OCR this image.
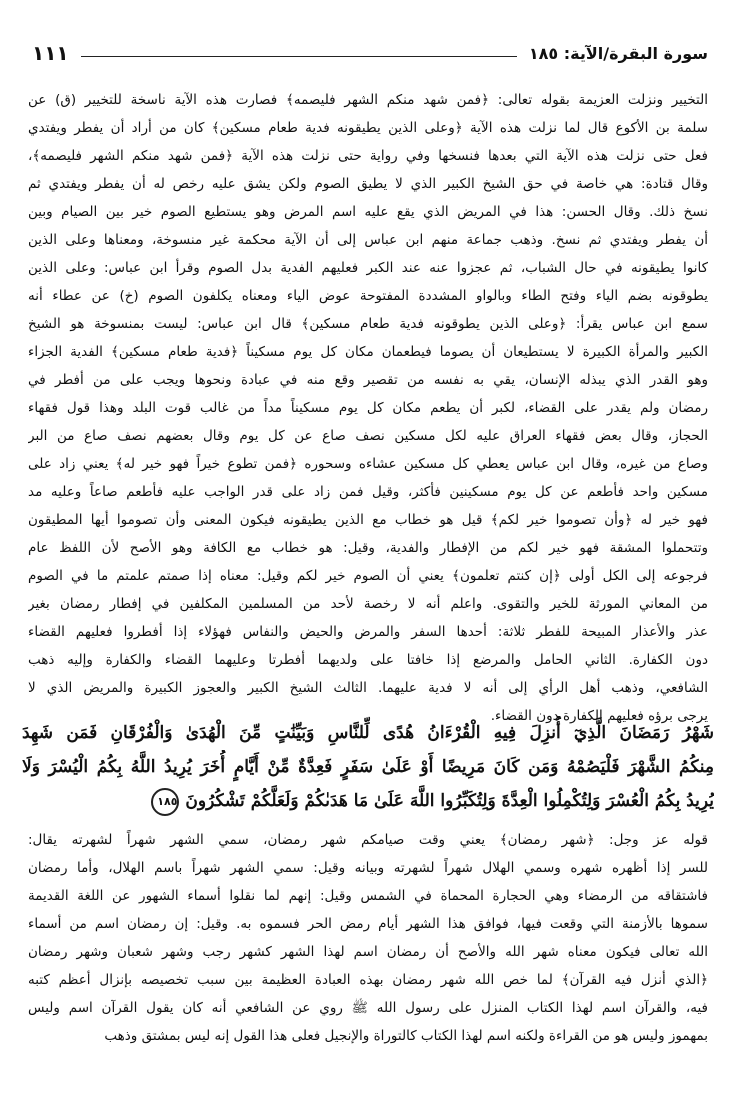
سورة البقرة/الآية: ١٨٥
١١١
التخيير ونزلت العزيمة بقوله تعالى: ﴿فمن شهد منكم الشهر فليصمه﴾ فصارت هذه الآية ناسخة للتخيير (ق) عن
سلمة بن الأكوع قال لما نزلت هذه الآية ﴿وعلى الذين يطيقونه فدية طعام مسكين﴾ كان من أراد أن يفطر ويفتدي
فعل حتى نزلت هذه الآية التي بعدها فنسخها وفي رواية حتى نزلت هذه الآية ﴿فمن شهد منكم الشهر فليصمه﴾،
وقال قتادة: هي خاصة في حق الشيخ الكبير الذي لا يطيق الصوم ولكن يشق عليه رخص له أن يفطر ويفتدي ثم
نسخ ذلك. وقال الحسن: هذا في المريض الذي يقع عليه اسم المرض وهو يستطيع الصوم خير بين الصيام وبين
أن يفطر ويفتدي ثم نسخ. وذهب جماعة منهم ابن عباس إلى أن الآية محكمة غير منسوخة، ومعناها وعلى الذين
كانوا يطيقونه في حال الشباب، ثم عجزوا عنه عند الكبر فعليهم الفدية بدل الصوم وقرأ ابن عباس: وعلى الذين
يطوقونه بضم الياء وفتح الطاء وبالواو المشددة المفتوحة عوض الياء ومعناه يكلفون الصوم (خ) عن عطاء أنه
سمع ابن عباس يقرأ: ﴿وعلى الذين يطوقونه فدية طعام مسكين﴾ قال ابن عباس: ليست بمنسوخة هو الشيخ
الكبير والمرأة الكبيرة لا يستطيعان أن يصوما فيطعمان مكان كل يوم مسكيناً ﴿فدية طعام مسكين﴾ الفدية الجزاء
وهو القدر الذي يبذله الإنسان، يقي به نفسه من تقصير وقع منه في عبادة ونحوها ويجب على من أفطر في
رمضان ولم يقدر على القضاء، لكبر أن يطعم مكان كل يوم مسكيناً مداً من غالب قوت البلد وهذا قول فقهاء
الحجاز، وقال بعض فقهاء العراق عليه لكل مسكين نصف صاع عن كل يوم وقال بعضهم نصف صاع من البر
وصاع من غيره، وقال ابن عباس يعطي كل مسكين عشاءه وسحوره ﴿فمن تطوع خيراً فهو خير له﴾ يعني زاد على
مسكين واحد فأطعم عن كل يوم مسكينين فأكثر، وقيل فمن زاد على قدر الواجب عليه فأطعم صاعاً وعليه مد
فهو خير له ﴿وأن تصوموا خير لكم﴾ قيل هو خطاب مع الذين يطيقونه فيكون المعنى وأن تصوموا أيها المطيقون
وتتحملوا المشقة فهو خير لكم من الإفطار والفدية، وقيل: هو خطاب مع الكافة وهو الأصح لأن اللفظ عام
فرجوعه إلى الكل أولى ﴿إن كنتم تعلمون﴾ يعني أن الصوم خير لكم وقيل: معناه إذا صمتم علمتم ما في الصوم
من المعاني المورثة للخير والتقوى. واعلم أنه لا رخصة لأحد من المسلمين المكلفين في إفطار رمضان بغير
عذر والأعذار المبيحة للفطر ثلاثة: أحدها السفر والمرض والحيض والنفاس فهؤلاء إذا أفطروا فعليهم القضاء
دون الكفارة. الثاني الحامل والمرضع إذا خافتا على ولديهما أفطرتا وعليهما القضاء والكفارة وإليه ذهب
الشافعي، وذهب أهل الرأي إلى أنه لا فدية عليهما. الثالث الشيخ الكبير والعجوز الكبيرة والمريض الذي لا
يرجى برؤه فعليهم الكفارة دون القضاء.
شَهْرُ رَمَضَانَ الَّذِيٓ أُنزِلَ فِيهِ الْقُرْءَانُ هُدًى لِّلنَّاسِ وَبَيِّنَٰتٍ مِّنَ الْهُدَىٰ وَالْفُرْقَانِ فَمَن شَهِدَ
مِنكُمُ الشَّهْرَ فَلْيَصُمْهُ وَمَن كَانَ مَرِيضًا أَوْ عَلَىٰ سَفَرٍ فَعِدَّةٌ مِّنْ أَيَّامٍ أُخَرَ يُرِيدُ اللَّهُ بِكُمُ الْيُسْرَ وَلَا
يُرِيدُ بِكُمُ الْعُسْرَ وَلِتُكْمِلُوا الْعِدَّةَ وَلِتُكَبِّرُوا اللَّهَ عَلَىٰ مَا هَدَىٰكُمْ وَلَعَلَّكُمْ تَشْكُرُونَ١٨٥
قوله عز وجل: ﴿شهر رمضان﴾ يعني وقت صيامكم شهر رمضان، سمي الشهر شهراً لشهرته يقال:
للسر إذا أظهره شهره وسمي الهلال شهراً لشهرته وبيانه وقيل: سمي الشهر شهراً باسم الهلال، وأما رمضان
فاشتقاقه من الرمضاء وهي الحجارة المحماة في الشمس وقيل: إنهم لما نقلوا أسماء الشهور عن اللغة القديمة
سموها بالأزمنة التي وقعت فيها، فوافق هذا الشهر أيام رمض الحر فسموه به. وقيل: إن رمضان اسم من أسماء
الله تعالى فيكون معناه شهر الله والأصح أن رمضان اسم لهذا الشهر كشهر رجب وشهر شعبان وشهر رمضان
﴿الذي أنزل فيه القرآن﴾ لما خص الله شهر رمضان بهذه العبادة العظيمة بين سبب تخصيصه بإنزال أعظم كتبه
فيه، والقرآن اسم لهذا الكتاب المنزل على رسول الله ﷺ روي عن الشافعي أنه كان يقول القرآن اسم وليس
بمهموز وليس هو من القراءة ولكنه اسم لهذا الكتاب كالتوراة والإنجيل فعلى هذا القول إنه ليس بمشتق وذهب
